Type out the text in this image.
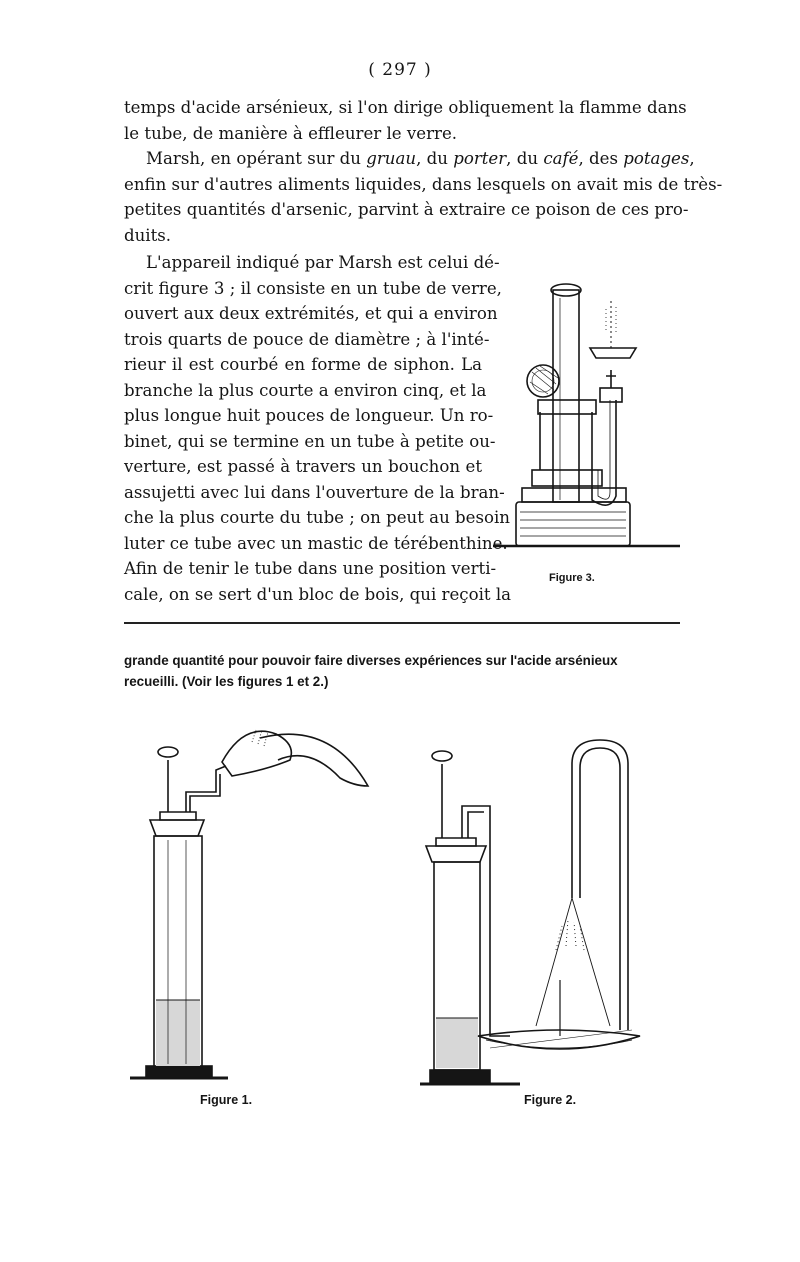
( 297 )

temps d'acide arsénieux, si l'on dirige obliquement la flamme dans
le tube, de manière à effleurer le verre.

Marsh, en opérant sur du gruau, du porter, du café, des potages,
enfin sur d'autres aliments liquides, dans lesquels on avait mis de très-
petites quantités d'arsenic, parvint à extraire ce poison de ces pro-
duits.

L'appareil indiqué par Marsh est celui dé-
crit figure 3 ; il consiste en un tube de verre,
ouvert aux deux extrémités, et qui a environ
trois quarts de pouce de diamètre ; à l'inté-
rieur il est courbé en forme de siphon. La
branche la plus courte a environ cinq, et la
plus longue huit pouces de longueur. Un ro-
binet, qui se termine en un tube à petite ou-
verture, est passé à travers un bouchon et
assujetti avec lui dans l'ouverture de la bran-
che la plus courte du tube ; on peut au besoin
luter ce tube avec un mastic de térébenthine.
Afin de tenir le tube dans une position verti-
cale, on se sert d'un bloc de bois, qui reçoit la

Figure 3.

grande quantité pour pouvoir faire diverses expériences sur l'acide arsénieux
recueilli. (Voir les figures 1 et 2.)

Figure 1.	Figure 2.
